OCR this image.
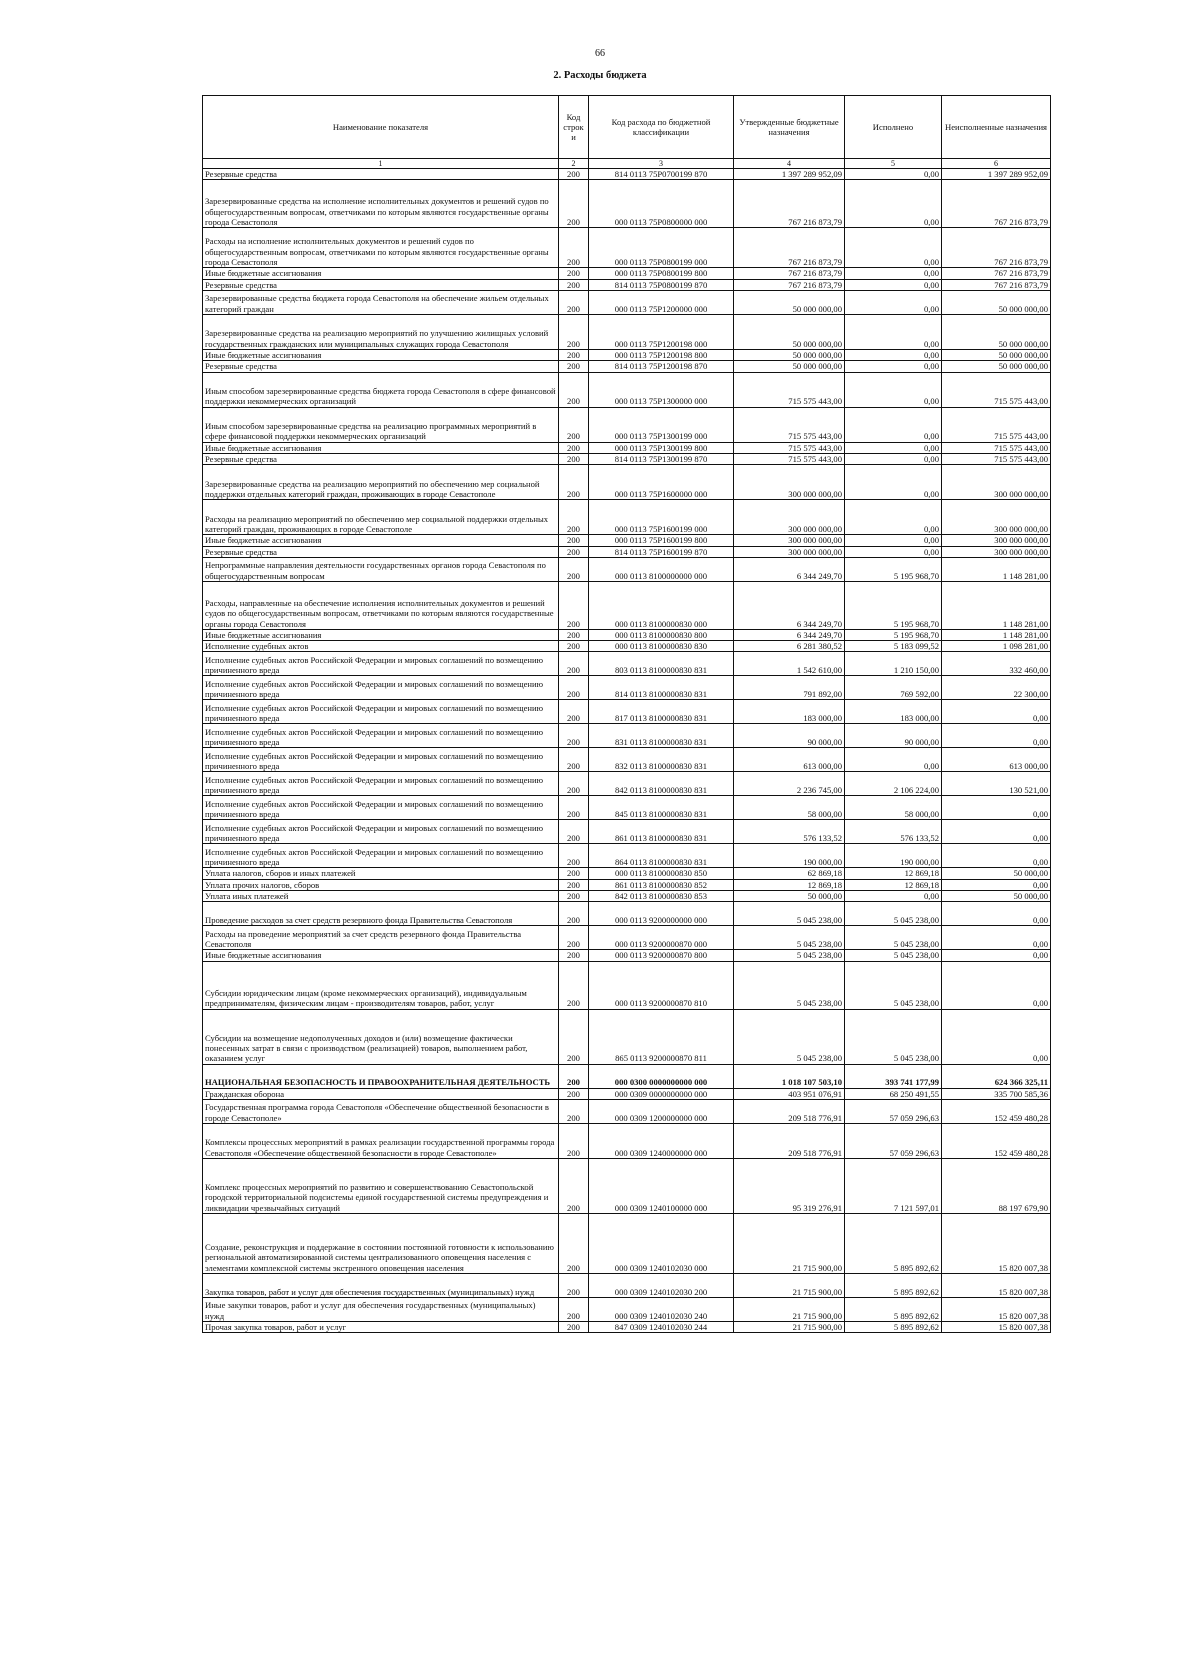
66
2. Расходы бюджета
Наименование показателя	Код строк и	Код расхода по бюджетной классификации	Утвержденные бюджетные назначения	Исполнено	Неисполненные назначения
1	2	3	4	5	6
Резервные средства	200	814 0113 75Р0700199 870	1 397 289 952,09	0,00	1 397 289 952,09
Зарезервированные средства на исполнение исполнительных документов и решений судов по общегосударственным вопросам, ответчиками по которым являются государственные органы города Севастополя	200	000 0113 75Р0800000 000	767 216 873,79	0,00	767 216 873,79
Расходы на исполнение исполнительных документов и решений судов по общегосударственным вопросам, ответчиками по которым являются государственные органы города Севастополя	200	000 0113 75Р0800199 000	767 216 873,79	0,00	767 216 873,79
Иные бюджетные ассигнования	200	000 0113 75Р0800199 800	767 216 873,79	0,00	767 216 873,79
Резервные средства	200	814 0113 75Р0800199 870	767 216 873,79	0,00	767 216 873,79
Зарезервированные средства бюджета города Севастополя на обеспечение жильем отдельных категорий граждан	200	000 0113 75Р1200000 000	50 000 000,00	0,00	50 000 000,00
Зарезервированные средства на реализацию мероприятий по улучшению жилищных условий государственных гражданских или муниципальных служащих города Севастополя	200	000 0113 75Р1200198 000	50 000 000,00	0,00	50 000 000,00
Иные бюджетные ассигнования	200	000 0113 75Р1200198 800	50 000 000,00	0,00	50 000 000,00
Резервные средства	200	814 0113 75Р1200198 870	50 000 000,00	0,00	50 000 000,00
Иным способом зарезервированные средства бюджета города Севастополя в сфере финансовой поддержки некоммерческих организаций	200	000 0113 75Р1300000 000	715 575 443,00	0,00	715 575 443,00
Иным способом зарезервированные средства на реализацию программных мероприятий в сфере финансовой поддержки некоммерческих организаций	200	000 0113 75Р1300199 000	715 575 443,00	0,00	715 575 443,00
Иные бюджетные ассигнования	200	000 0113 75Р1300199 800	715 575 443,00	0,00	715 575 443,00
Резервные средства	200	814 0113 75Р1300199 870	715 575 443,00	0,00	715 575 443,00
Зарезервированные средства на реализацию мероприятий по обеспечению мер социальной поддержки отдельных категорий граждан, проживающих в городе Севастополе	200	000 0113 75Р1600000 000	300 000 000,00	0,00	300 000 000,00
Расходы на реализацию мероприятий по обеспечению мер социальной поддержки отдельных категорий граждан, проживающих в городе Севастополе	200	000 0113 75Р1600199 000	300 000 000,00	0,00	300 000 000,00
Иные бюджетные ассигнования	200	000 0113 75Р1600199 800	300 000 000,00	0,00	300 000 000,00
Резервные средства	200	814 0113 75Р1600199 870	300 000 000,00	0,00	300 000 000,00
Непрограммные направления деятельности государственных органов города Севастополя по общегосударственным вопросам	200	000 0113 8100000000 000	6 344 249,70	5 195 968,70	1 148 281,00
Расходы, направленные на обеспечение исполнения исполнительных документов и решений судов по общегосударственным вопросам, ответчиками по которым являются государственные органы города Севастополя	200	000 0113 8100000830 000	6 344 249,70	5 195 968,70	1 148 281,00
Иные бюджетные ассигнования	200	000 0113 8100000830 800	6 344 249,70	5 195 968,70	1 148 281,00
Исполнение судебных актов	200	000 0113 8100000830 830	6 281 380,52	5 183 099,52	1 098 281,00
Исполнение судебных актов Российской Федерации и мировых соглашений по возмещению причиненного вреда	200	803 0113 8100000830 831	1 542 610,00	1 210 150,00	332 460,00
Исполнение судебных актов Российской Федерации и мировых соглашений по возмещению причиненного вреда	200	814 0113 8100000830 831	791 892,00	769 592,00	22 300,00
Исполнение судебных актов Российской Федерации и мировых соглашений по возмещению причиненного вреда	200	817 0113 8100000830 831	183 000,00	183 000,00	0,00
Исполнение судебных актов Российской Федерации и мировых соглашений по возмещению причиненного вреда	200	831 0113 8100000830 831	90 000,00	90 000,00	0,00
Исполнение судебных актов Российской Федерации и мировых соглашений по возмещению причиненного вреда	200	832 0113 8100000830 831	613 000,00	0,00	613 000,00
Исполнение судебных актов Российской Федерации и мировых соглашений по возмещению причиненного вреда	200	842 0113 8100000830 831	2 236 745,00	2 106 224,00	130 521,00
Исполнение судебных актов Российской Федерации и мировых соглашений по возмещению причиненного вреда	200	845 0113 8100000830 831	58 000,00	58 000,00	0,00
Исполнение судебных актов Российской Федерации и мировых соглашений по возмещению причиненного вреда	200	861 0113 8100000830 831	576 133,52	576 133,52	0,00
Исполнение судебных актов Российской Федерации и мировых соглашений по возмещению причиненного вреда	200	864 0113 8100000830 831	190 000,00	190 000,00	0,00
Уплата налогов, сборов и иных платежей	200	000 0113 8100000830 850	62 869,18	12 869,18	50 000,00
Уплата прочих налогов, сборов	200	861 0113 8100000830 852	12 869,18	12 869,18	0,00
Уплата иных платежей	200	842 0113 8100000830 853	50 000,00	0,00	50 000,00
Проведение расходов за счет средств резервного фонда Правительства Севастополя	200	000 0113 9200000000 000	5 045 238,00	5 045 238,00	0,00
Расходы на проведение мероприятий за счет средств резервного фонда Правительства Севастополя	200	000 0113 9200000870 000	5 045 238,00	5 045 238,00	0,00
Иные бюджетные ассигнования	200	000 0113 9200000870 800	5 045 238,00	5 045 238,00	0,00
Субсидии юридическим лицам (кроме некоммерческих организаций), индивидуальным предпринимателям, физическим лицам - производителям товаров, работ, услуг	200	000 0113 9200000870 810	5 045 238,00	5 045 238,00	0,00
Субсидии на возмещение недополученных доходов и (или) возмещение фактически понесенных затрат в связи с производством (реализацией) товаров, выполнением работ, оказанием услуг	200	865 0113 9200000870 811	5 045 238,00	5 045 238,00	0,00
НАЦИОНАЛЬНАЯ БЕЗОПАСНОСТЬ И ПРАВООХРАНИТЕЛЬНАЯ ДЕЯТЕЛЬНОСТЬ	200	000 0300 0000000000 000	1 018 107 503,10	393 741 177,99	624 366 325,11
Гражданская оборона	200	000 0309 0000000000 000	403 951 076,91	68 250 491,55	335 700 585,36
Государственная программа города Севастополя «Обеспечение общественной безопасности в городе Севастополе»	200	000 0309 1200000000 000	209 518 776,91	57 059 296,63	152 459 480,28
Комплексы процессных мероприятий в рамках реализации государственной программы города Севастополя «Обеспечение общественной безопасности в городе Севастополе»	200	000 0309 1240000000 000	209 518 776,91	57 059 296,63	152 459 480,28
Комплекс процессных мероприятий по развитию и совершенствованию Севастопольской городской территориальной подсистемы единой государственной системы предупреждения и ликвидации чрезвычайных ситуаций	200	000 0309 1240100000 000	95 319 276,91	7 121 597,01	88 197 679,90
Создание, реконструкция и поддержание в состоянии постоянной готовности к использованию региональной автоматизированной системы централизованного оповещения населения с элементами комплексной системы экстренного оповещения населения	200	000 0309 1240102030 000	21 715 900,00	5 895 892,62	15 820 007,38
Закупка товаров, работ и услуг для обеспечения государственных (муниципальных) нужд	200	000 0309 1240102030 200	21 715 900,00	5 895 892,62	15 820 007,38
Иные закупки товаров, работ и услуг для обеспечения государственных (муниципальных) нужд	200	000 0309 1240102030 240	21 715 900,00	5 895 892,62	15 820 007,38
Прочая закупка товаров, работ и услуг	200	847 0309 1240102030 244	21 715 900,00	5 895 892,62	15 820 007,38
